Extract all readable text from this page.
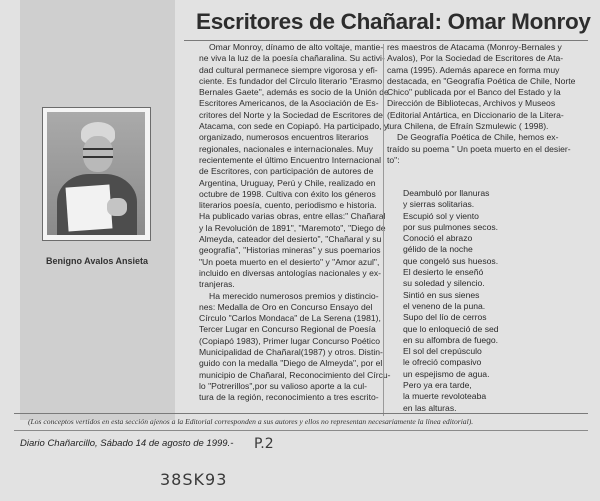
Benigno Avalos Ansieta
Escritores de Chañaral: Omar Monroy
Omar Monroy, dínamo de alto voltaje, mantie-
ne viva la luz de la poesía chañaralina. Su activi-
dad cultural permanece siempre vigorosa y efi-
ciente. Es fundador del Círculo literario "Erasmo
Bernales Gaete", además es socio de la Unión de
Escritores Americanos, de la Asociación de Es-
critores del Norte y la Sociedad de Escritores de
Atacama, con sede en Copiapó. Ha participado, y
organizado, numerosos encuentros literarios
regionales, nacionales e internacionales. Muy
recientemente el último Encuentro Internacional
de Escritores, con participación de autores de
Argentina, Uruguay, Perú y Chile, realizado en
octubre de 1998. Cultiva con éxito los géneros
literarios poesía, cuento, periodismo e historia.
Ha publicado varias obras, entre ellas:" Chañaral
y la Revolución de 1891", "Maremoto", "Diego de
Almeyda, cateador del desierto", "Chañaral y su
geografía", "Historias mineras" y sus poemarios
"Un poeta muerto en el desierto" y "Amor azul",
incluido en diversas antologías nacionales y ex-
tranjeras.
Ha merecido numerosos premios y distincio-
nes: Medalla de Oro en Concurso Ensayo del
Círculo "Carlos Mondaca" de La Serena (1981),
Tercer Lugar en Concurso Regional de Poesía
(Copiapó 1983), Primer lugar Concurso Poético
Municipalidad de Chañaral(1987) y otros. Distin-
guido con la medalla "Diego de Almeyda", por el
municipio de Chañaral, Reconocimiento del Círcu-
lo "Potrerillos",por su valioso aporte a la cul-
tura de la región, reconocimiento a tres escrito-
res maestros de Atacama (Monroy-Bernales y
Avalos), Por la Sociedad de Escritores de Ata-
cama (1995). Además aparece en forma muy
destacada, en "Geografía Poética de Chile, Norte
Chico" publicada por el Banco del Estado y la
Dirección de Bibliotecas, Archivos y Museos
(Editorial Antártica, en Diccionario de la Litera-
tura Chilena, de Efraín Szmulewic ( 1998).
De Geografía Poética de Chile, hemos ex-
traído su poema " Un poeta muerto en el desier-
to":
Deambuló por llanuras
y sierras solitarias.
Escupió sol y viento
por sus pulmones secos.
Conoció el abrazo
gélido de la noche
que congeló sus huesos.
El desierto le enseñó
su soledad y silencio.
Sintió en sus sienes
el veneno de la puna.
Supo del lío de cerros
que lo enloqueció de sed
en su alfombra de fuego.
El sol del crepúsculo
le ofreció compasivo
un espejismo de agua.
Pero ya era tarde,
la muerte revoloteaba
en las alturas.
(Los conceptos vertidos en esta sección ajenos a la Editorial corresponden a sus autores y ellos no representan necesariamente la línea editorial).
Diario Chañarcillo, Sábado 14 de agosto de 1999.- P.2
38SK93
